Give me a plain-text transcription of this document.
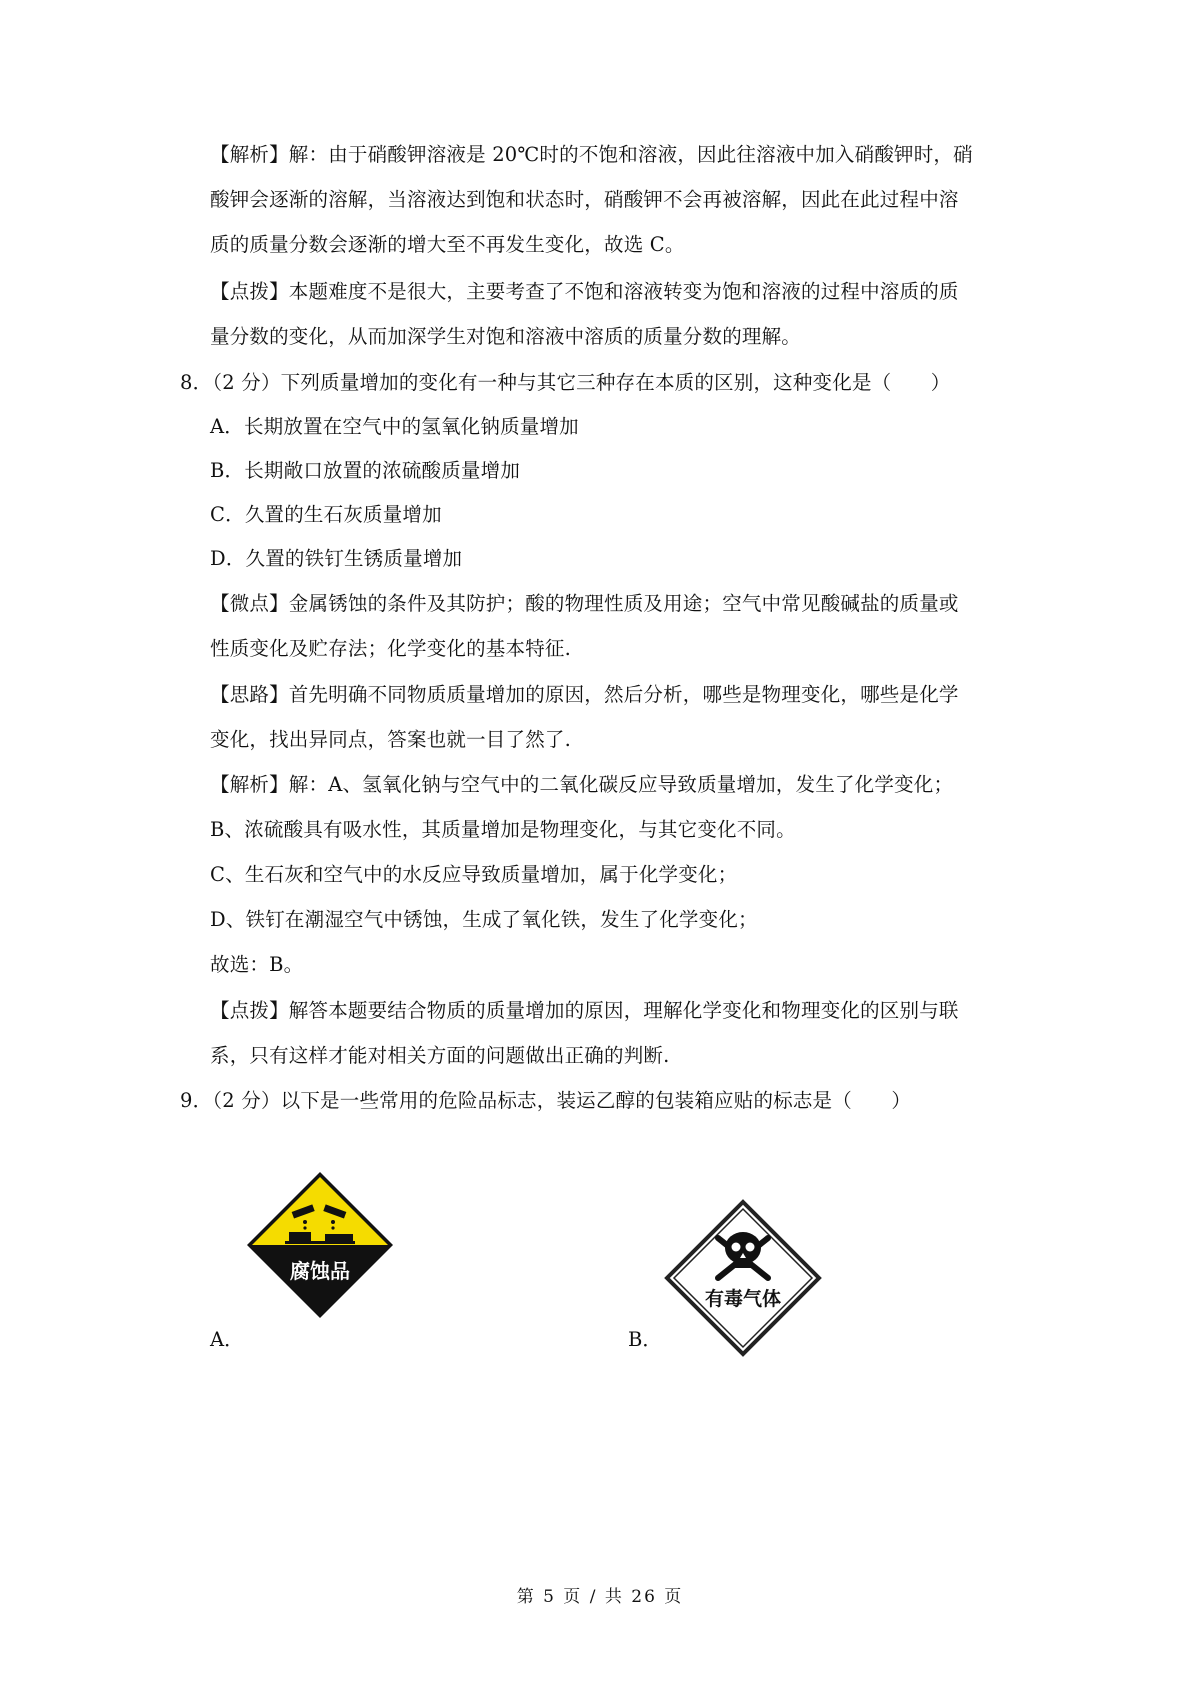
【解析】解：由于硝酸钾溶液是 20℃时的不饱和溶液，因此往溶液中加入硝酸钾时，硝
酸钾会逐渐的溶解，当溶液达到饱和状态时，硝酸钾不会再被溶解，因此在此过程中溶
质的质量分数会逐渐的增大至不再发生变化，故选 C。
【点拨】本题难度不是很大，主要考查了不饱和溶液转变为饱和溶液的过程中溶质的质
量分数的变化，从而加深学生对饱和溶液中溶质的质量分数的理解。
8．（2 分）下列质量增加的变化有一种与其它三种存在本质的区别，这种变化是（　　）
A．长期放置在空气中的氢氧化钠质量增加
B．长期敞口放置的浓硫酸质量增加
C．久置的生石灰质量增加
D．久置的铁钉生锈质量增加
【微点】金属锈蚀的条件及其防护；酸的物理性质及用途；空气中常见酸碱盐的质量或
性质变化及贮存法；化学变化的基本特征.
【思路】首先明确不同物质质量增加的原因，然后分析，哪些是物理变化，哪些是化学
变化，找出异同点，答案也就一目了然了.
【解析】解：A、氢氧化钠与空气中的二氧化碳反应导致质量增加，发生了化学变化；
B、浓硫酸具有吸水性，其质量增加是物理变化，与其它变化不同。
C、生石灰和空气中的水反应导致质量增加，属于化学变化；
D、铁钉在潮湿空气中锈蚀，生成了氧化铁，发生了化学变化；
故选：B。
【点拨】解答本题要结合物质的质量增加的原因，理解化学变化和物理变化的区别与联
系，只有这样才能对相关方面的问题做出正确的判断.
9．（2 分）以下是一些常用的危险品标志，装运乙醇的包装箱应贴的标志是（　　）
A．
腐蚀品
B．
有毒气体
第 5 页 / 共 26 页
